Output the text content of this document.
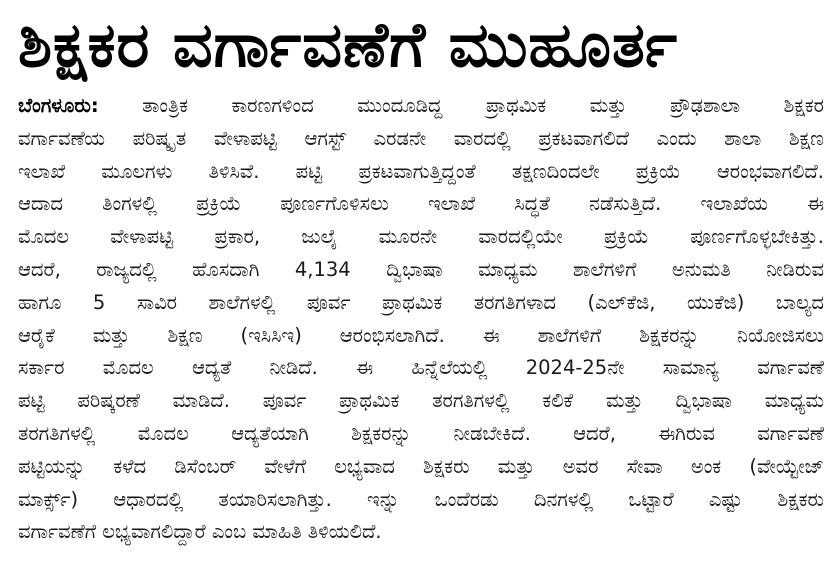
ಶಿಕ್ಷಕರ ವರ್ಗಾವಣೆಗೆ ಮುಹೂರ್ತ
ಬೆಂಗಳೂರು: ತಾಂತ್ರಿಕ ಕಾರಣಗಳಿಂದ ಮುಂದೂಡಿದ್ದ ಪ್ರಾಥಮಿಕ ಮತ್ತು ಪ್ರೌಢಶಾಲಾ ಶಿಕ್ಷಕರ
ವರ್ಗಾವಣೆಯ ಪರಿಷ್ಕೃತ ವೇಳಾಪಟ್ಟಿ ಆಗಸ್ಟ್ ಎರಡನೇ ವಾರದಲ್ಲಿ ಪ್ರಕಟವಾಗಲಿದೆ ಎಂದು ಶಾಲಾ ಶಿಕ್ಷಣ
ಇಲಾಖೆ ಮೂಲಗಳು ತಿಳಿಸಿವೆ. ಪಟ್ಟಿ ಪ್ರಕಟವಾಗುತ್ತಿದ್ದಂತೆ ತಕ್ಷಣದಿಂದಲೇ ಪ್ರಕ್ರಿಯೆ ಆರಂಭವಾಗಲಿದೆ.
ಆದಾದ ತಿಂಗಳಲ್ಲಿ ಪ್ರಕ್ರಿಯೆ ಪೂರ್ಣಗೊಳಿಸಲು ಇಲಾಖೆ ಸಿದ್ಧತೆ ನಡೆಸುತ್ತಿದೆ. ಇಲಾಖೆಯ ಈ
ಮೊದಲ ವೇಳಾಪಟ್ಟಿ ಪ್ರಕಾರ, ಜುಲೈ ಮೂರನೇ ವಾರದಲ್ಲಿಯೇ ಪ್ರಕ್ರಿಯೆ ಪೂರ್ಣಗೊಳ್ಳಬೇಕಿತ್ತು.
ಆದರೆ, ರಾಜ್ಯದಲ್ಲಿ ಹೊಸದಾಗಿ 4,134 ದ್ವಿಭಾಷಾ ಮಾಧ್ಯಮ ಶಾಲೆಗಳಿಗೆ ಅನುಮತಿ ನೀಡಿರುವ
ಹಾಗೂ 5 ಸಾವಿರ ಶಾಲೆಗಳಲ್ಲಿ ಪೂರ್ವ ಪ್ರಾಥಮಿಕ ತರಗತಿಗಳಾದ (ಎಲ್‌ಕೆಜಿ, ಯುಕೆಜಿ) ಬಾಲ್ಯದ
ಆರೈಕೆ ಮತ್ತು ಶಿಕ್ಷಣ (ಇಸಿಸಿಇ) ಆರಂಭಿಸಲಾಗಿದೆ. ಈ ಶಾಲೆಗಳಿಗೆ ಶಿಕ್ಷಕರನ್ನು ನಿಯೋಜಿಸಲು
ಸರ್ಕಾರ ಮೊದಲ ಆದ್ಯತೆ ನೀಡಿದೆ. ಈ ಹಿನ್ನೆಲೆಯಲ್ಲಿ 2024-25ನೇ ಸಾಮಾನ್ಯ ವರ್ಗಾವಣೆ
ಪಟ್ಟಿ ಪರಿಷ್ಕರಣೆ ಮಾಡಿದೆ. ಪೂರ್ವ ಪ್ರಾಥಮಿಕ ತರಗತಿಗಳಲ್ಲಿ ಕಲಿಕೆ ಮತ್ತು ದ್ವಿಭಾಷಾ ಮಾಧ್ಯಮ
ತರಗತಿಗಳಲ್ಲಿ ಮೊದಲ ಆದ್ಯತೆಯಾಗಿ ಶಿಕ್ಷಕರನ್ನು ನೀಡಬೇಕಿದೆ. ಆದರೆ, ಈಗಿರುವ ವರ್ಗಾವಣೆ
ಪಟ್ಟಿಯನ್ನು ಕಳೆದ ಡಿಸೆಂಬರ್ ವೇಳೆಗೆ ಲಭ್ಯವಾದ ಶಿಕ್ಷಕರು ಮತ್ತು ಅವರ ಸೇವಾ ಅಂಕ (ವೇಯ್ಟೇಜ್
ಮಾರ್ಕ್ಸ್) ಆಧಾರದಲ್ಲಿ ತಯಾರಿಸಲಾಗಿತ್ತು. ಇನ್ನು ಒಂದೆರಡು ದಿನಗಳಲ್ಲಿ ಒಟ್ಟಾರೆ ಎಷ್ಟು ಶಿಕ್ಷಕರು
ವರ್ಗಾವಣೆಗೆ ಲಭ್ಯವಾಗಲಿದ್ದಾರೆ ಎಂಬ ಮಾಹಿತಿ ತಿಳಿಯಲಿದೆ.
